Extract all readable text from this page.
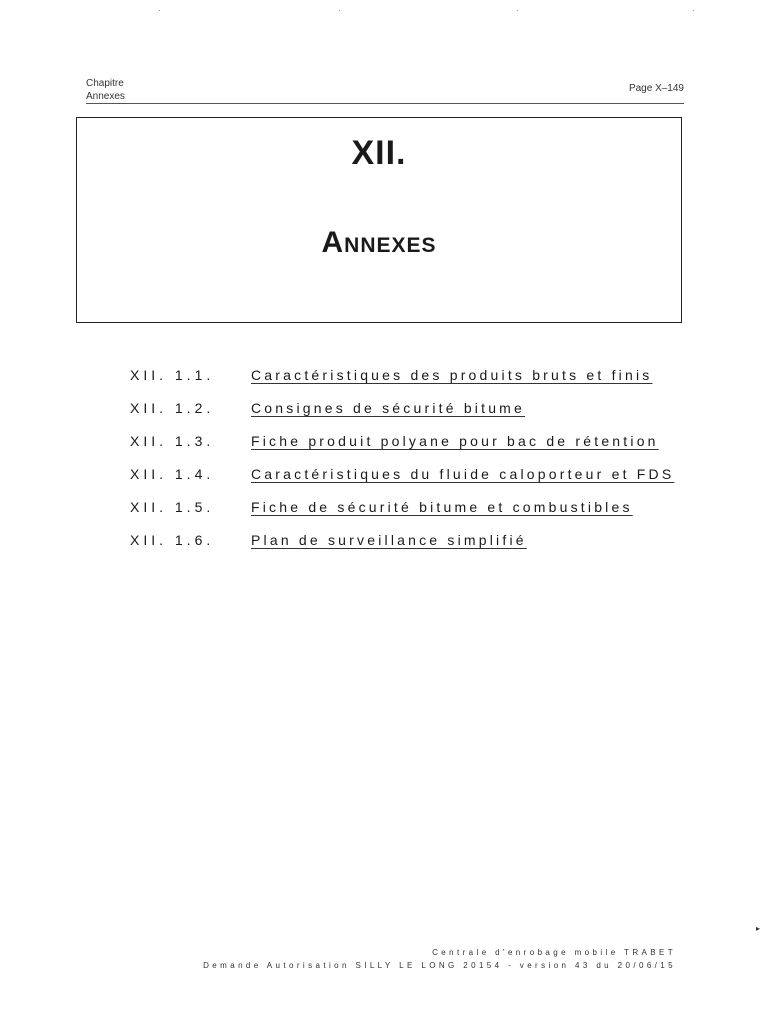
·	·	·	·
Chapitre
Annexes
Page X–149
XII.
Annexes
XII. 1.1.	Caractéristiques des produits bruts et finis
XII. 1.2.	Consignes de sécurité bitume
XII. 1.3.	Fiche produit polyane pour bac de rétention
XII. 1.4.	Caractéristiques du fluide caloporteur et FDS
XII. 1.5.	Fiche de sécurité bitume et combustibles
XII. 1.6.	Plan de surveillance simplifié
▸
Centrale d'enrobage mobile TRABET
Demande Autorisation SILLY LE LONG 20154 - version 43 du 20/06/15
